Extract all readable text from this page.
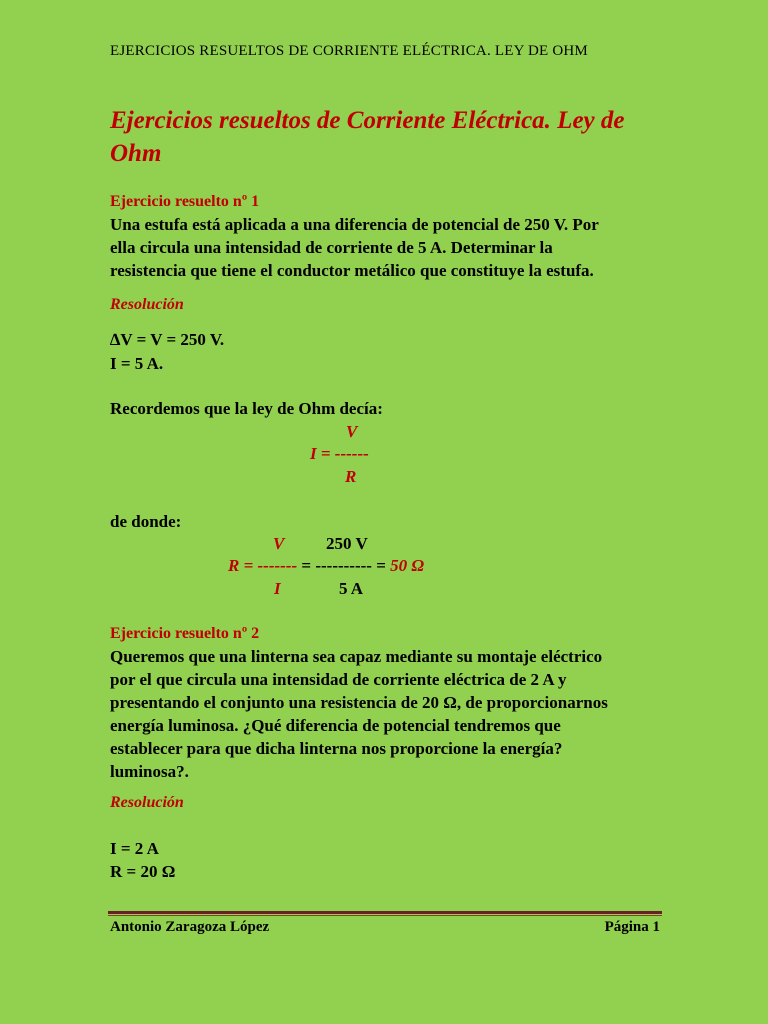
EJERCICIOS RESUELTOS DE CORRIENTE ELÉCTRICA. LEY DE OHM
Ejercicios resueltos de Corriente Eléctrica. Ley de Ohm
Ejercicio resuelto nº 1
Una estufa está aplicada a una diferencia de potencial de 250 V. Por
ella circula una intensidad de corriente de 5 A. Determinar la
resistencia que tiene el conductor metálico que constituye la estufa.
Resolución
∆V = V = 250 V.
I = 5 A.
Recordemos que la ley de Ohm decía:
V
I = ------
R
de donde:
V 250 V
R = ------- = ---------- = 50 Ω
I	5 A
Ejercicio resuelto nº 2
Queremos que una linterna sea capaz mediante su montaje eléctrico
por el que circula una intensidad de corriente eléctrica de 2 A y
presentando el conjunto una resistencia de 20 Ω, de proporcionarnos
energía luminosa. ¿Qué diferencia de potencial tendremos que
establecer para que dicha linterna nos proporcione la energía?
luminosa?.
Resolución
I = 2 A
R = 20 Ω
Antonio Zaragoza López	Página 1
